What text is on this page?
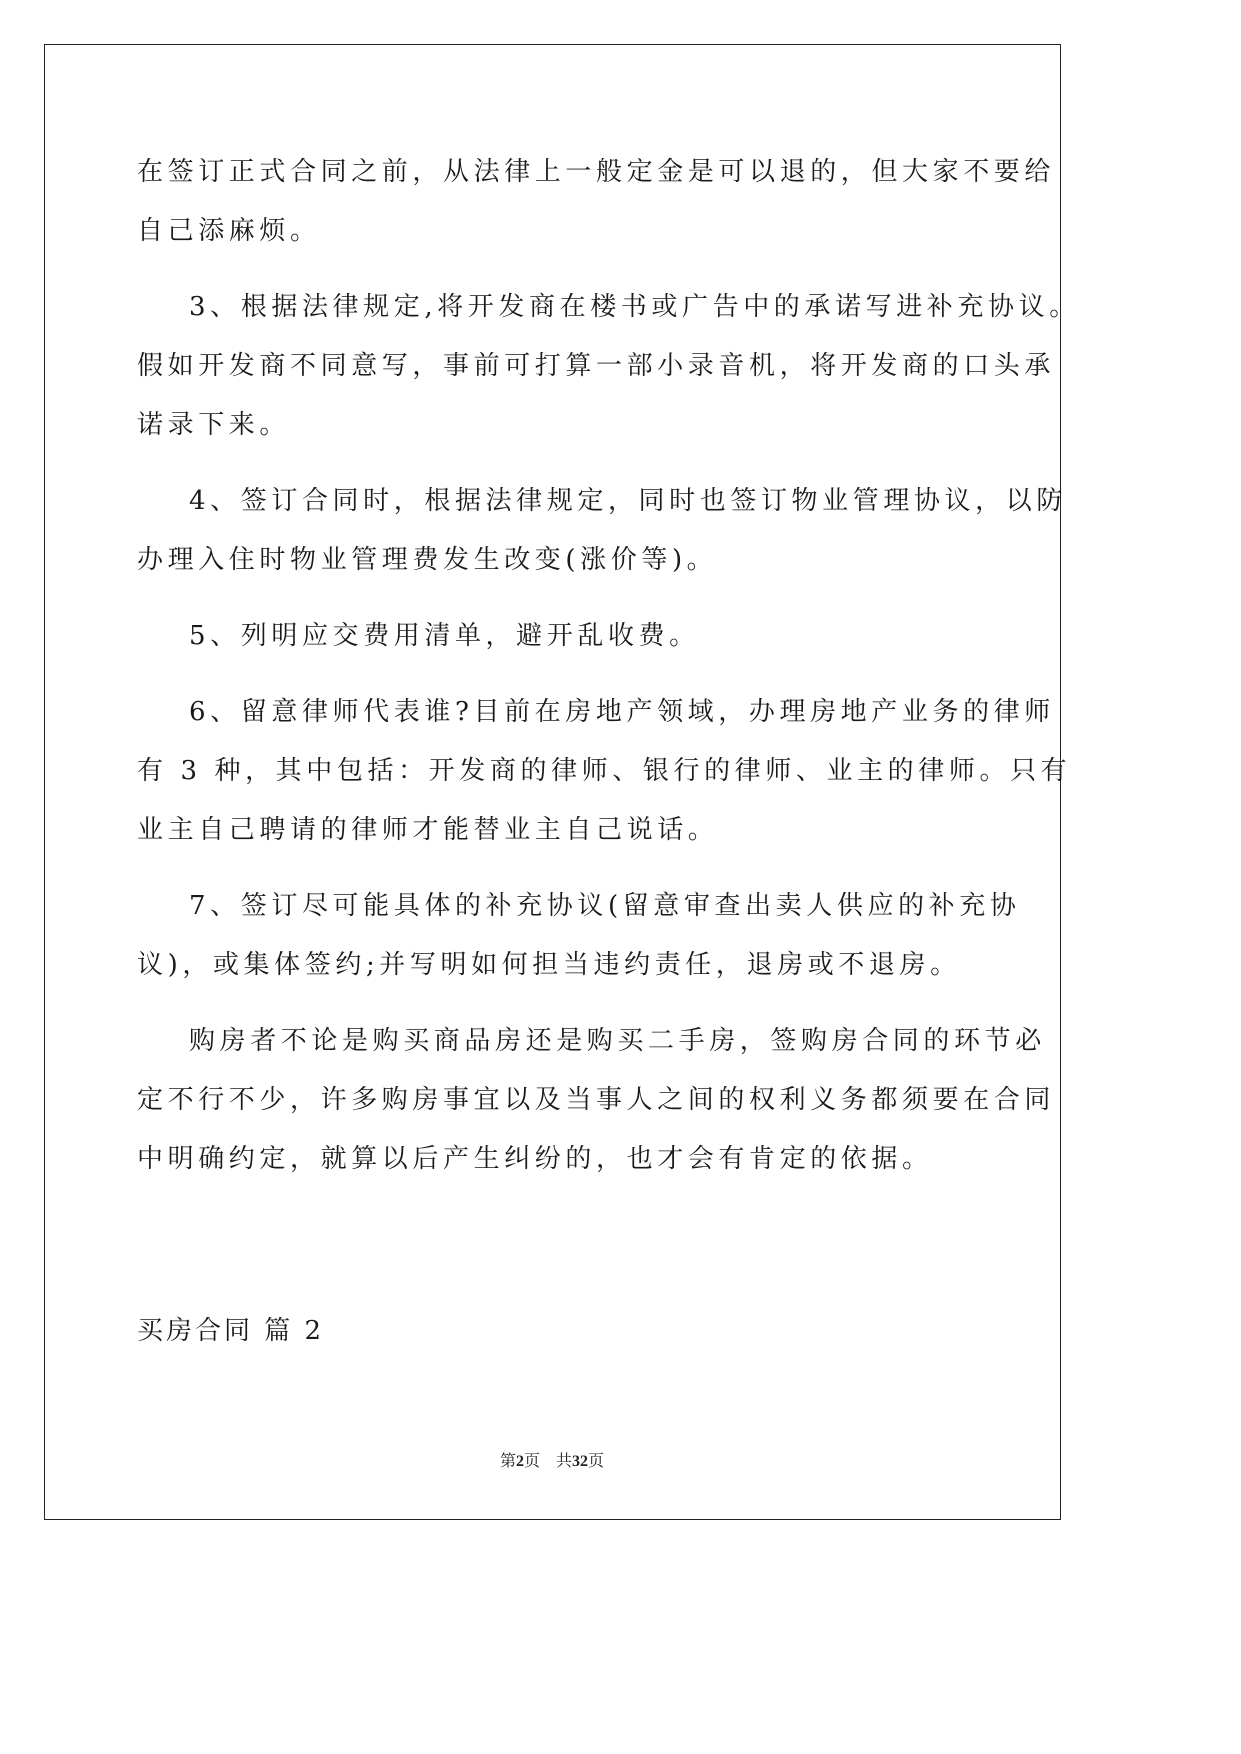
在签订正式合同之前，从法律上一般定金是可以退的，但大家不要给
自己添麻烦。
3、根据法律规定,将开发商在楼书或广告中的承诺写进补充协议。
假如开发商不同意写，事前可打算一部小录音机，将开发商的口头承
诺录下来。
4、签订合同时，根据法律规定，同时也签订物业管理协议，以防
办理入住时物业管理费发生改变(涨价等)。
5、列明应交费用清单，避开乱收费。
6、留意律师代表谁?目前在房地产领域，办理房地产业务的律师
有 3 种，其中包括：开发商的律师、银行的律师、业主的律师。只有
业主自己聘请的律师才能替业主自己说话。
7、签订尽可能具体的补充协议(留意审查出卖人供应的补充协
议)，或集体签约;并写明如何担当违约责任，退房或不退房。
购房者不论是购买商品房还是购买二手房，签购房合同的环节必
定不行不少，许多购房事宜以及当事人之间的权利义务都须要在合同
中明确约定，就算以后产生纠纷的，也才会有肯定的依据。
买房合同 篇 2
第2页 共32页
